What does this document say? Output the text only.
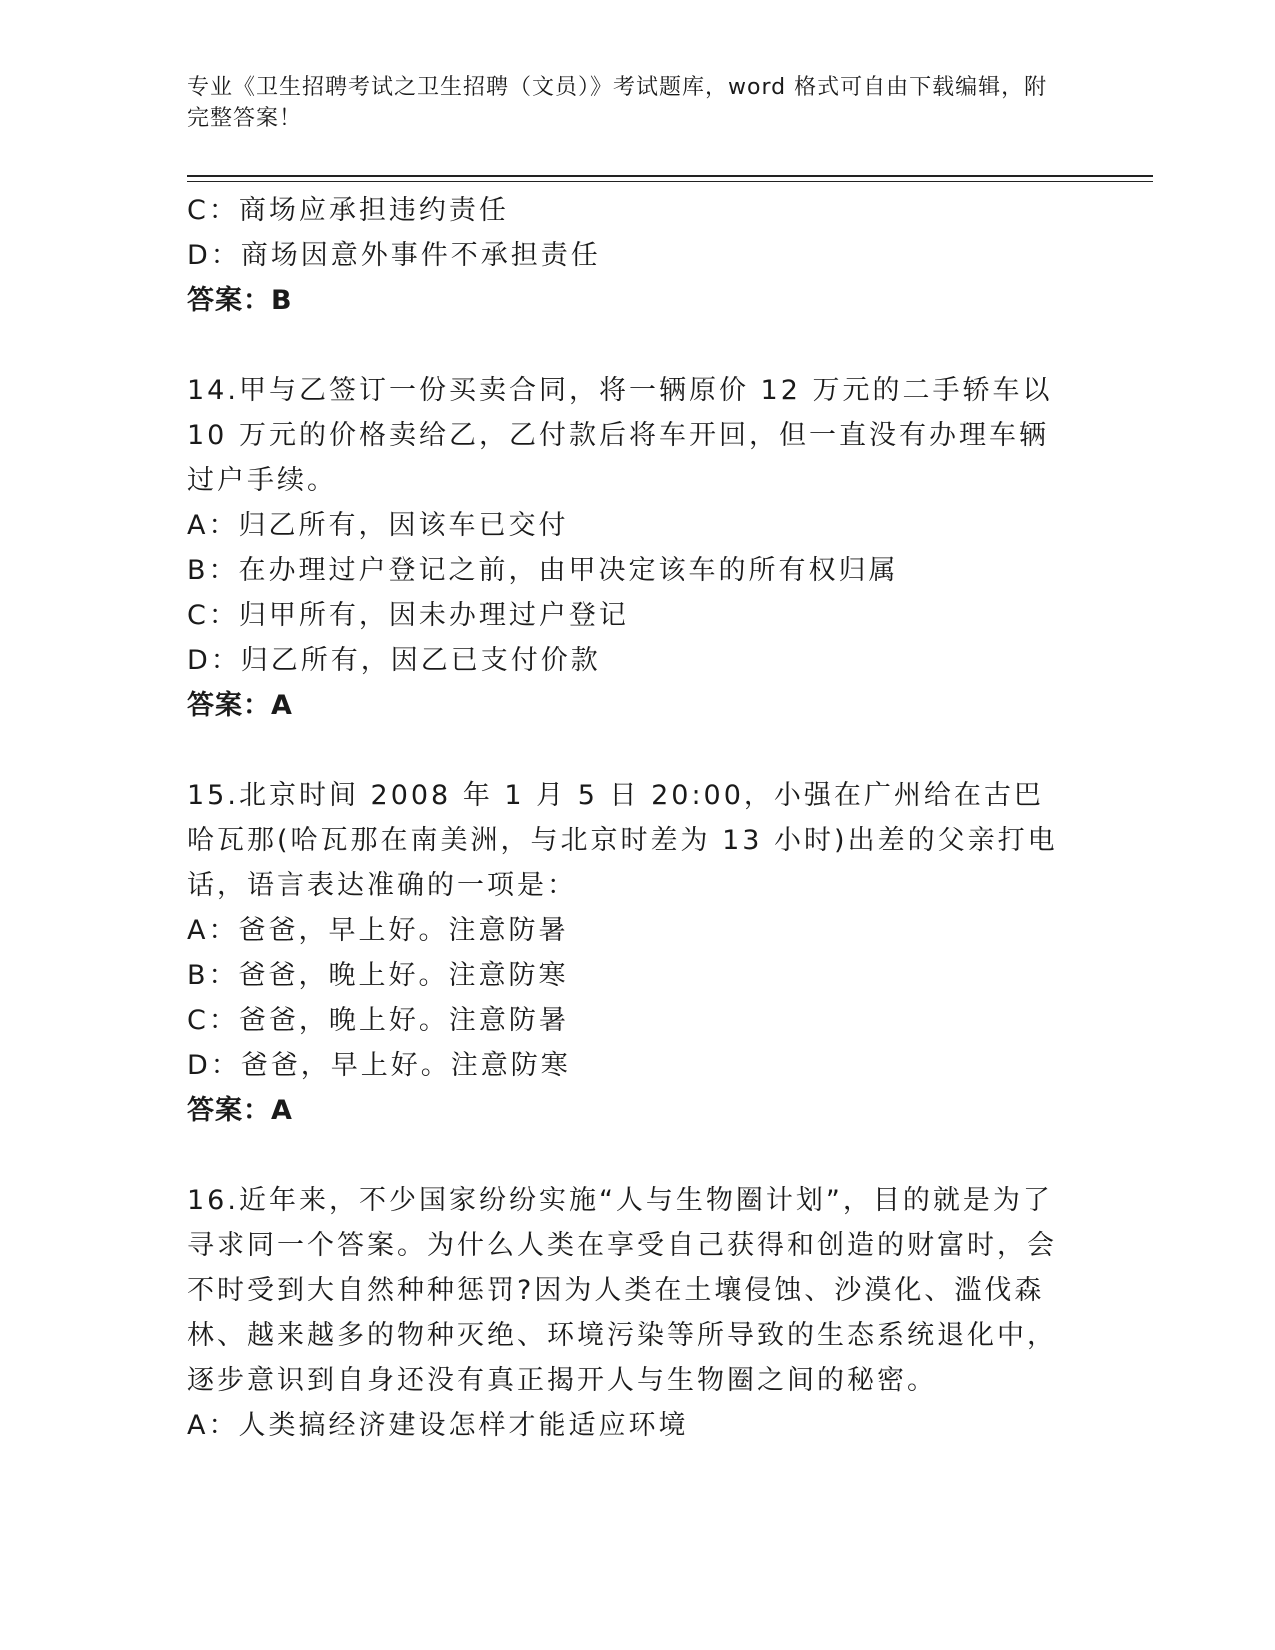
专业《卫生招聘考试之卫生招聘（文员）》考试题库，word 格式可自由下载编辑，附完整答案！
C：商场应承担违约责任
D：商场因意外事件不承担责任
答案：B
14.甲与乙签订一份买卖合同，将一辆原价 12 万元的二手轿车以 10 万元的价格卖给乙，乙付款后将车开回，但一直没有办理车辆过户手续。
A：归乙所有，因该车已交付
B：在办理过户登记之前，由甲决定该车的所有权归属
C：归甲所有，因未办理过户登记
D：归乙所有，因乙已支付价款
答案：A
15.北京时间 2008 年 1 月 5 日 20:00，小强在广州给在古巴哈瓦那(哈瓦那在南美洲，与北京时差为 13 小时)出差的父亲打电话，语言表达准确的一项是：
A：爸爸，早上好。注意防暑
B：爸爸，晚上好。注意防寒
C：爸爸，晚上好。注意防暑
D：爸爸，早上好。注意防寒
答案：A
16.近年来，不少国家纷纷实施“人与生物圈计划”，目的就是为了寻求同一个答案。为什么人类在享受自己获得和创造的财富时，会不时受到大自然种种惩罚?因为人类在土壤侵蚀、沙漠化、滥伐森林、越来越多的物种灭绝、环境污染等所导致的生态系统退化中，逐步意识到自身还没有真正揭开人与生物圈之间的秘密。
A：人类搞经济建设怎样才能适应环境
